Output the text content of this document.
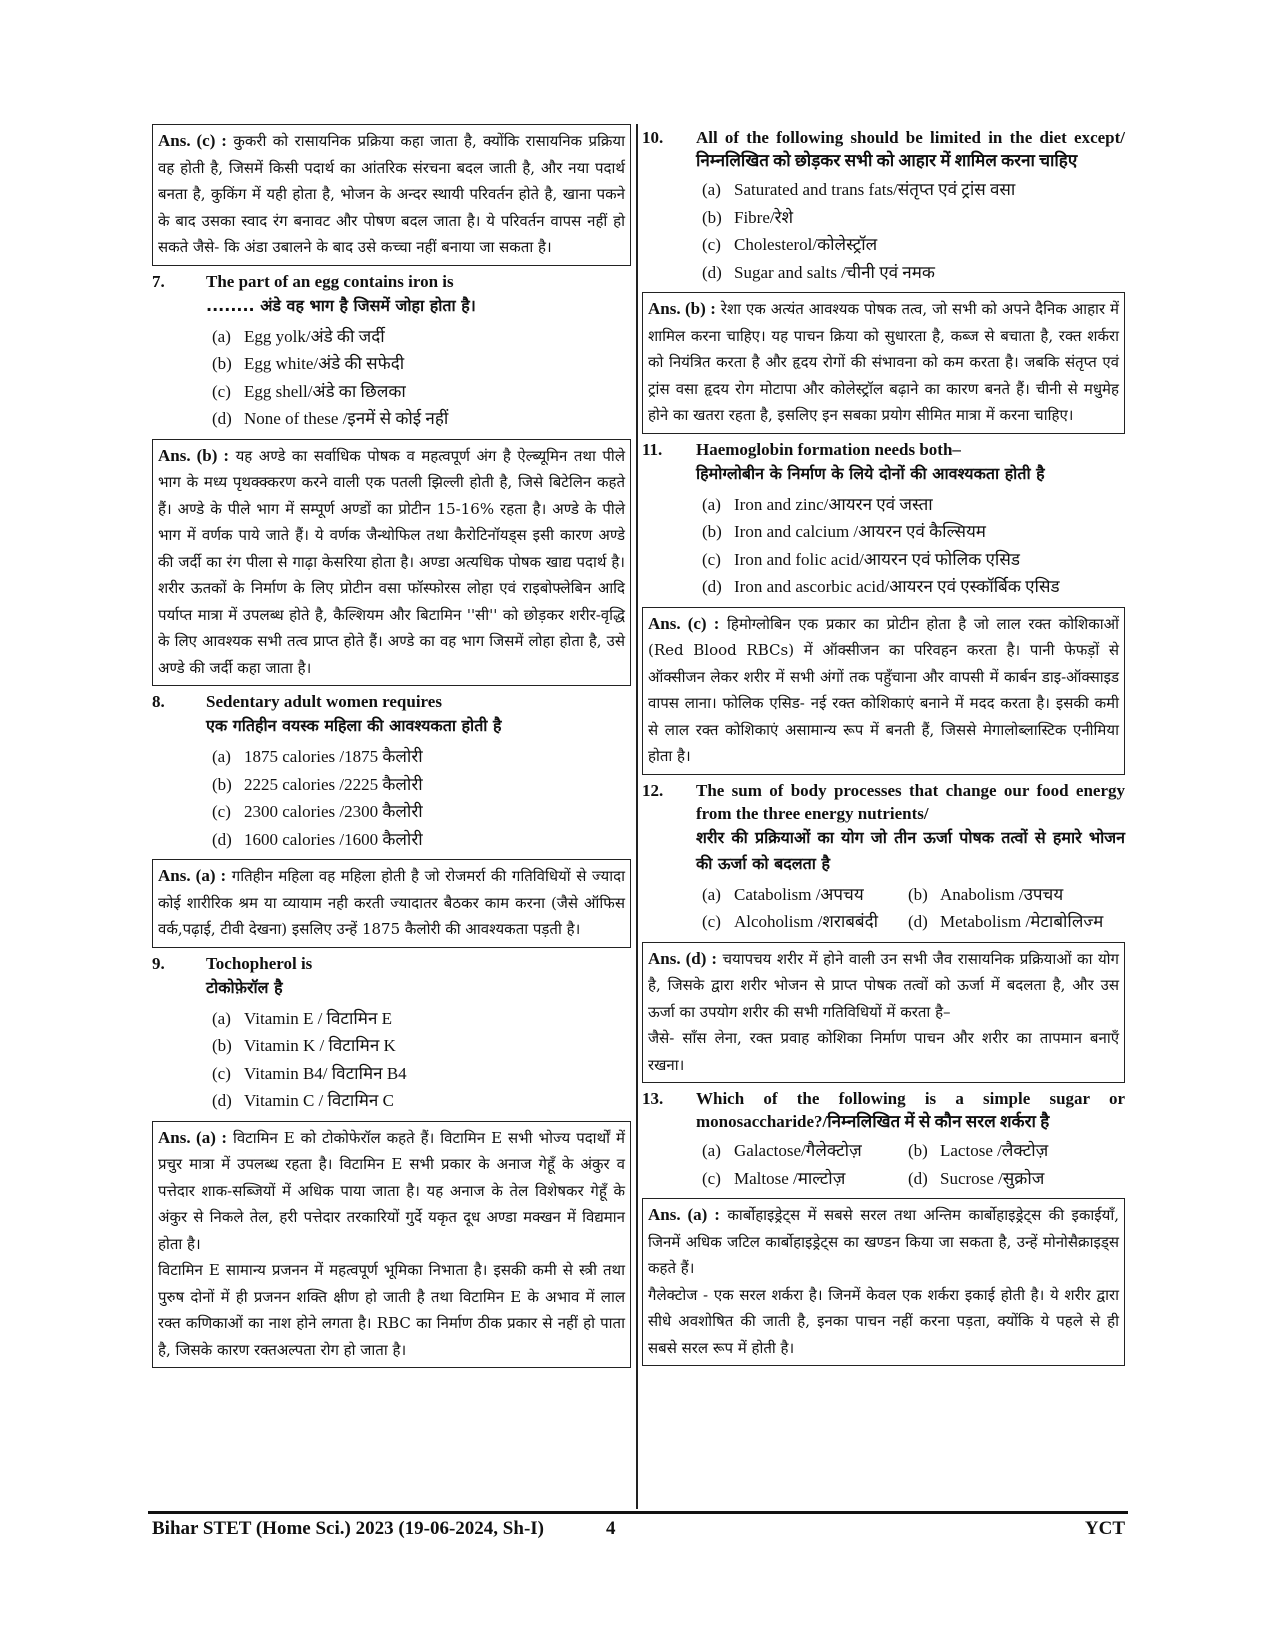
Ans. (c) : कुकरी को रासायनिक प्रक्रिया कहा जाता है, क्योंकि रासायनिक प्रक्रिया वह होती है, जिसमें किसी पदार्थ का आंतरिक संरचना बदल जाती है, और नया पदार्थ बनता है, कुकिंग में यही होता है, भोजन के अन्दर स्थायी परिवर्तन होते है, खाना पकने के बाद उसका स्वाद रंग बनावट और पोषण बदल जाता है। ये परिवर्तन वापस नहीं हो सकते जैसे- कि अंडा उबालने के बाद उसे कच्चा नहीं बनाया जा सकता है।

7.	The part of an egg contains iron is
........ अंडे वह भाग है जिसमें जोहा होता है।
(a) Egg yolk/अंडे की जर्दी
(b) Egg white/अंडे की सफेदी
(c) Egg shell/अंडे का छिलका
(d) None of these /इनमें से कोई नहीं

Ans. (b) : यह अण्डे का सर्वाधिक पोषक व महत्वपूर्ण अंग है ऐल्ब्यूमिन तथा पीले भाग के मध्य पृथक्क्करण करने वाली एक पतली झिल्ली होती है, जिसे बिटेलिन कहते हैं। अण्डे के पीले भाग में सम्पूर्ण अण्डों का प्रोटीन 15-16% रहता है। अण्डे के पीले भाग में वर्णक पाये जाते हैं। ये वर्णक जैन्थोफिल तथा कैरोटिनॉयड्स इसी कारण अण्डे की जर्दी का रंग पीला से गाढ़ा केसरिया होता है। अण्डा अत्यधिक पोषक खाद्य पदार्थ है। शरीर ऊतकों के निर्माण के लिए प्रोटीन वसा फॉस्फोरस लोहा एवं राइबोफ्लेबिन आदि पर्याप्त मात्रा में उपलब्ध होते है, कैल्शियम और बिटामिन ''सी'' को छोड़कर शरीर-वृद्धि के लिए आवश्यक सभी तत्व प्राप्त होते हैं। अण्डे का वह भाग जिसमें लोहा होता है, उसे अण्डे की जर्दी कहा जाता है।

8.	Sedentary adult women requires
एक गतिहीन वयस्क महिला की आवश्यकता होती है
(a) 1875 calories /1875 कैलोरी
(b) 2225 calories /2225 कैलोरी
(c) 2300 calories /2300 कैलोरी
(d) 1600 calories /1600 कैलोरी

Ans. (a) : गतिहीन महिला वह महिला होती है जो रोजमर्रा की गतिविधियों से ज्यादा कोई शारीरिक श्रम या व्यायाम नही करती ज्यादातर बैठकर काम करना (जैसे ऑफिस वर्क,पढ़ाई, टीवी देखना) इसलिए उन्हें 1875 कैलोरी की आवश्यकता पड़ती है।

9.	Tochopherol is
टोकोफ़ेरॉल है
(a) Vitamin E / विटामिन E
(b) Vitamin K / विटामिन K
(c) Vitamin B4/ विटामिन B4
(d) Vitamin C / विटामिन C

Ans. (a) : विटामिन E को टोकोफेरॉल कहते हैं। विटामिन E सभी भोज्य पदार्थों में प्रचुर मात्रा में उपलब्ध रहता है। विटामिन E सभी प्रकार के अनाज गेहूँ के अंकुर व पत्तेदार शाक-सब्जियों में अधिक पाया जाता है। यह अनाज के तेल विशेषकर गेहूँ के अंकुर से निकले तेल, हरी पत्तेदार तरकारियों गुर्दे यकृत दूध अण्डा मक्खन में विद्यमान होता है।

विटामिन E सामान्य प्रजनन में महत्वपूर्ण भूमिका निभाता है। इसकी कमी से स्त्री तथा पुरुष दोनों में ही प्रजनन शक्ति क्षीण हो जाती है तथा विटामिन E के अभाव में लाल रक्त कणिकाओं का नाश होने लगता है। RBC का निर्माण ठीक प्रकार से नहीं हो पाता है, जिसके कारण रक्तअल्पता रोग हो जाता है।

10.	All of the following should be limited in the diet except/निम्नलिखित को छोड़कर सभी को आहार में शामिल करना चाहिए
(a) Saturated and trans fats/संतृप्त एवं ट्रांस वसा
(b) Fibre/रेशे
(c) Cholesterol/कोलेस्ट्रॉल
(d) Sugar and salts /चीनी एवं नमक

Ans. (b) : रेशा एक अत्यंत आवश्यक पोषक तत्व, जो सभी को अपने दैनिक आहार में शामिल करना चाहिए। यह पाचन क्रिया को सुधारता है, कब्ज से बचाता है, रक्त शर्करा को नियंत्रित करता है और हृदय रोगों की संभावना को कम करता है। जबकि संतृप्त एवं ट्रांस वसा हृदय रोग मोटापा और कोलेस्ट्रॉल बढ़ाने का कारण बनते हैं। चीनी से मधुमेह होने का खतरा रहता है, इसलिए इन सबका प्रयोग सीमित मात्रा में करना चाहिए।

11.	Haemoglobin formation needs both–
हिमोग्लोबीन के निर्माण के लिये दोनों की आवश्यकता होती है
(a) Iron and zinc/आयरन एवं जस्ता
(b) Iron and calcium /आयरन एवं कैल्सियम
(c) Iron and folic acid/आयरन एवं फोलिक एसिड
(d) Iron and ascorbic acid/आयरन एवं एस्कॉर्बिक एसिड

Ans. (c) : हिमोग्लोबिन एक प्रकार का प्रोटीन होता है जो लाल रक्त कोशिकाओं (Red Blood RBCs) में ऑक्सीजन का परिवहन करता है। पानी फेफड़ों से ऑक्सीजन लेकर शरीर में सभी अंगों तक पहुँचाना और वापसी में कार्बन डाइ-ऑक्साइड वापस लाना। फोलिक एसिड- नई रक्त कोशिकाएं बनाने में मदद करता है। इसकी कमी से लाल रक्त कोशिकाएं असामान्य रूप में बनती हैं, जिससे मेगालोब्लास्टिक एनीमिया होता है।

12.	The sum of body processes that change our food energy from the three energy nutrients/
शरीर की प्रक्रियाओं का योग जो तीन ऊर्जा पोषक तत्वों से हमारे भोजन की ऊर्जा को बदलता है
(a) Catabolism /अपचय	(b) Anabolism /उपचय
(c) Alcoholism /शराबबंदी (d) Metabolism /मेटाबोलिज्म

Ans. (d) : चयापचय शरीर में होने वाली उन सभी जैव रासायनिक प्रक्रियाओं का योग है, जिसके द्वारा शरीर भोजन से प्राप्त पोषक तत्वों को ऊर्जा में बदलता है, और उस ऊर्जा का उपयोग शरीर की सभी गतिविधियों में करता है–

जैसे- साँस लेना, रक्त प्रवाह कोशिका निर्माण पाचन और शरीर का तापमान बनाएँ रखना।

13.	Which of the following is a simple sugar or monosaccharide?/निम्नलिखित में से कौन सरल शर्करा है
(a) Galactose/गैलेक्टोज़	(b) Lactose /लैक्टोज़
(c) Maltose /माल्टोज़	(d) Sucrose /सुक्रोज

Ans. (a) : कार्बोहाइड्रेट्स में सबसे सरल तथा अन्तिम कार्बोहाइड्रेट्स की इकाईयाँ, जिनमें अधिक जटिल कार्बोहाइड्रेट्स का खण्डन किया जा सकता है, उन्हें मोनोसैक्राइड्स कहते हैं।

गैलेक्टोज - एक सरल शर्करा है। जिनमें केवल एक शर्करा इकाई होती है। ये शरीर द्वारा सीधे अवशोषित की जाती है, इनका पाचन नहीं करना पड़ता, क्योंकि ये पहले से ही सबसे सरल रूप में होती है।

Bihar STET (Home Sci.) 2023 (19-06-2024, Sh-I)	4	YCT
